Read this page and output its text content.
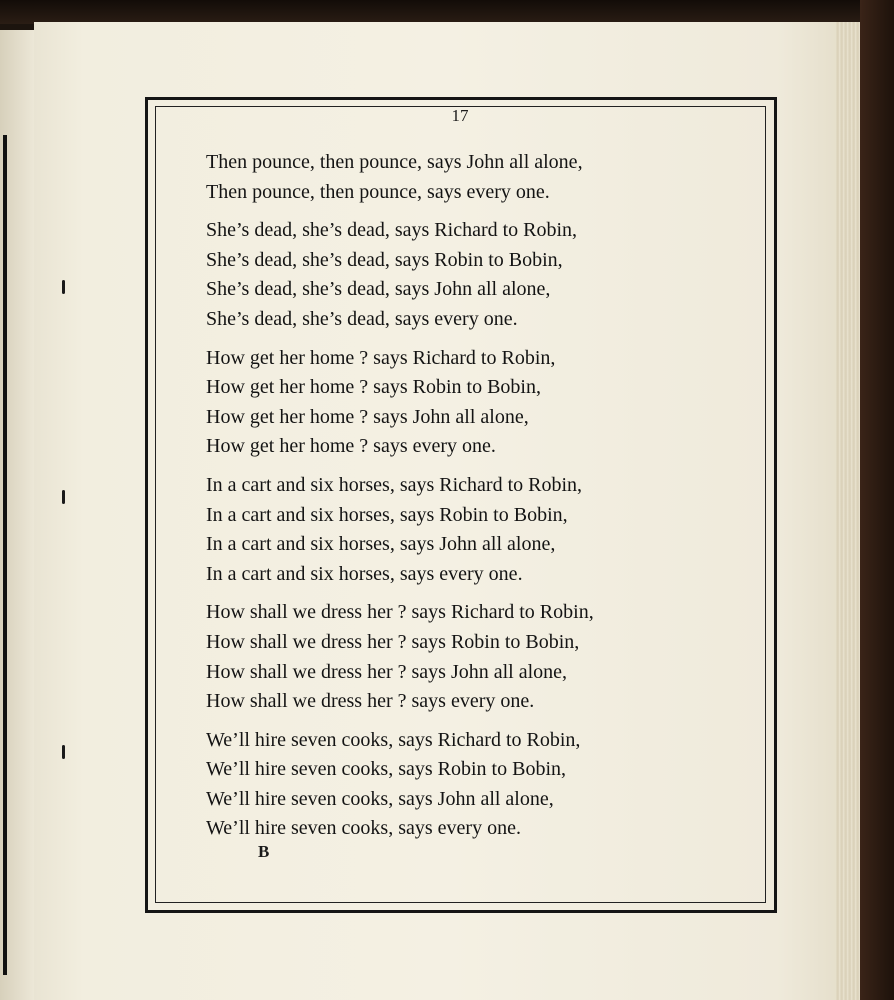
17
Then pounce, then pounce, says John all alone,
Then pounce, then pounce, says every one.
She’s dead, she’s dead, says Richard to Robin,
She’s dead, she’s dead, says Robin to Bobin,
She’s dead, she’s dead, says John all alone,
She’s dead, she’s dead, says every one.
How get her home ? says Richard to Robin,
How get her home ? says Robin to Bobin,
How get her home ? says John all alone,
How get her home ? says every one.
In a cart and six horses, says Richard to Robin,
In a cart and six horses, says Robin to Bobin,
In a cart and six horses, says John all alone,
In a cart and six horses, says every one.
How shall we dress her ? says Richard to Robin,
How shall we dress her ? says Robin to Bobin,
How shall we dress her ? says John all alone,
How shall we dress her ? says every one.
We’ll hire seven cooks, says Richard to Robin,
We’ll hire seven cooks, says Robin to Bobin,
We’ll hire seven cooks, says John all alone,
We’ll hire seven cooks, says every one.
B
